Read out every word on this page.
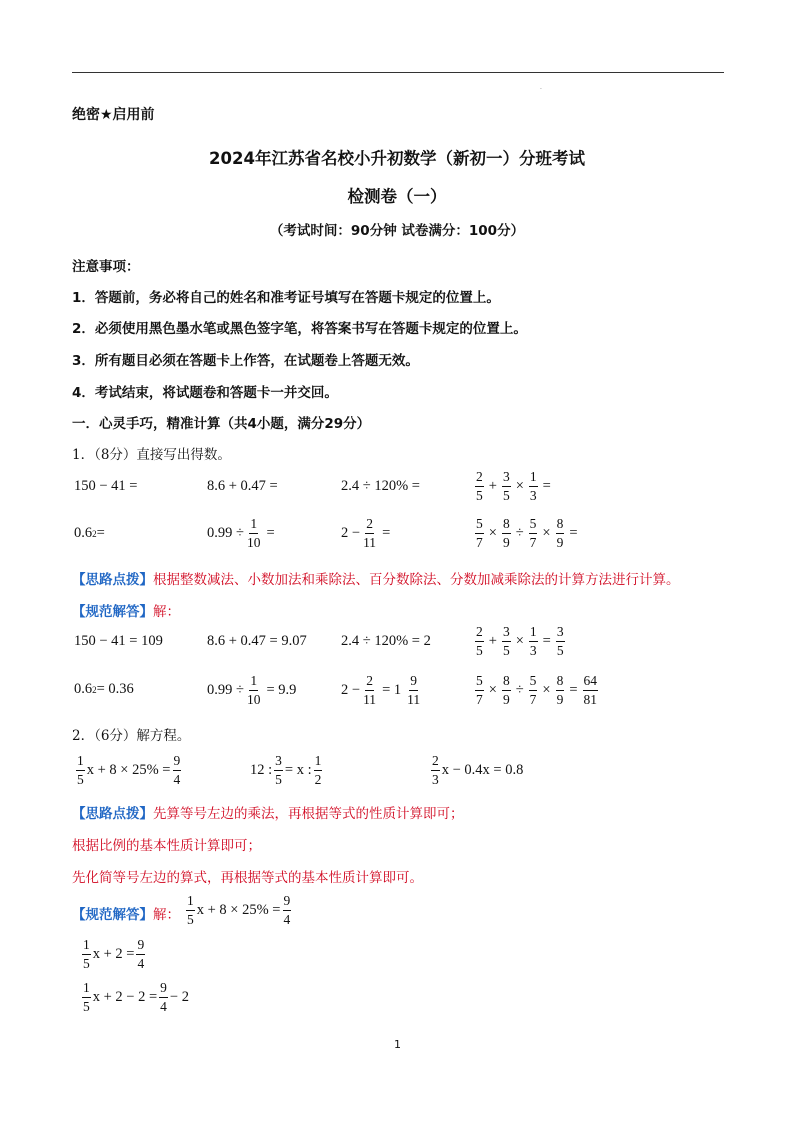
.
绝密★启用前
2024年江苏省名校小升初数学（新初一）分班考试
检测卷（一）
（考试时间：90分钟 试卷满分：100分）
注意事项：
1．答题前，务必将自己的姓名和准考证号填写在答题卡规定的位置上。
2．必须使用黑色墨水笔或黑色签字笔，将答案书写在答题卡规定的位置上。
3．所有题目必须在答题卡上作答，在试题卷上答题无效。
4．考试结束，将试题卷和答题卡一并交回。
一．心灵手巧，精准计算（共4小题，满分29分）
1．（8分）直接写出得数。
150 − 41 =	8.6 + 0.47 =	2.4 ÷ 120% =	$\frac{2}{5} + \frac{3}{5} \times \frac{1}{3}$ =
0.6 2 =	$0.99 \div \frac{1}{10}$ =	$2 - \frac{2}{11}$ =	$\frac{5}{7} \times \frac{8}{9} \div \frac{5}{7} \times \frac{8}{9}$ =
【思路点拨】根据整数减法、小数加法和乘除法、百分数除法、分数加减乘除法的计算方法进行计算。
【规范解答】解：
150 − 41 = 109	8.6 + 0.47 = 9.07 2.4 ÷ 120% = 2	$\frac{2}{5} + \frac{3}{5} \times \frac{1}{3} = \frac{3}{5}$
0.6 2 = 0.36	$0.99 \div \frac{1}{10} = 9.9$	$2 - \frac{2}{11} = 1 \frac{9}{11}$	$\frac{5}{7} \times \frac{8}{9} \div \frac{5}{7} \times \frac{8}{9} = \frac{64}{81}$
2．（6分）解方程。
$\frac{1}{5}$ $x + 8 \times 25\% = \frac{9}{4}$	12 : $\frac{3}{5} = x$ : $\frac{1}{2}$	$\frac{2}{3}$ x − 0.4x = 0.8
【思路点拨】先算等号左边的乘法，再根据等式的性质计算即可；
根据比例的基本性质计算即可；
先化简等号左边的算式，再根据等式的基本性质计算即可。
【规范解答】解： $\frac{1}{5}$ $x + 8 \times 25\% = \frac{9}{4}$
$\frac{1}{5}$ $x + 2 = \frac{9}{4}$
$\frac{1}{5}$ $x + 2 - 2 = \frac{9}{4} - 2$
1
